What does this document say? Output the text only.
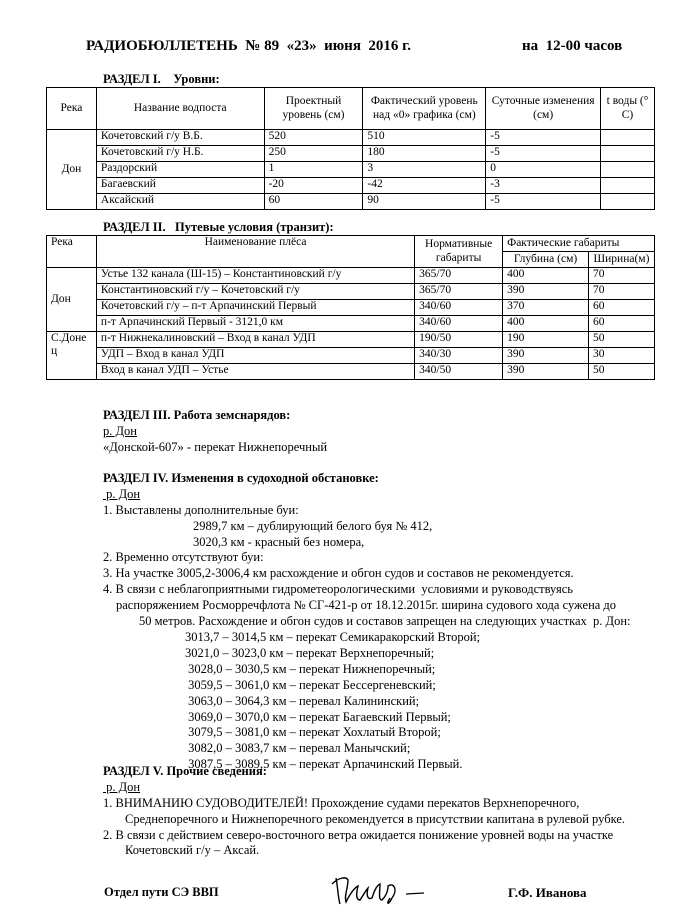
РАДИОБЮЛЛЕТЕНЬ  № 89  «23»  июня  2016 г.	на  12-00 часов
РАЗДЕЛ I.    Уровни:
Река	Название водпоста	Проектный уровень (см)	Фактический уровень над «0» графика (см)	Суточные изменения (см)	t воды (° С)
Дон	Кочетовский г/у В.Б.	520	510	-5	
	Кочетовский г/у Н.Б.	250	180	-5	
	Раздорский	1	3	0	
	Багаевский	-20	-42	-3	
	Аксайский	60	90	-5	
РАЗДЕЛ II.   Путевые условия (транзит):
Река	Наименование плёса	Нормативные габариты	Фактические габариты	
			Глубина (см)	Ширина(м)
Дон	Устье 132 канала (Ш-15) – Константиновский г/у	365/70	400	70
	Константиновский г/у – Кочетовский г/у	365/70	390	70
	Кочетовский г/у – п-т Арпачинский Первый	340/60	370	60
	п-т Арпачинский Первый - 3121,0 км	340/60	400	60
С.Донец	п-т Нижнекалиновский – Вход в канал УДП	190/50	190	50
	УДП – Вход в канал УДП	340/30	390	30
	Вход в канал УДП – Устье	340/50	390	50

РАЗДЕЛ III. Работа земснарядов:
р. Дон
«Донской-607» - перекат Нижнепоречный

РАЗДЕЛ IV. Изменения в судоходной обстановке:
р. Дон
1. Выставлены дополнительные буи:
2989,7 км – дублирующий белого буя № 412,
3020,3 км - красный без номера,
2. Временно отсутствуют буи:
3. На участке 3005,2-3006,4 км расхождение и обгон судов и составов не рекомендуется.
4. В связи с неблагоприятными гидрометеорологическими  условиями и руководствуясь
распоряжением Росморречфлота № СГ-421-р от 18.12.2015г. ширина судового хода сужена до
50 метров. Расхождение и обгон судов и составов запрещен на следующих участках  р. Дон:
3013,7 – 3014,5 км – перекат Семикаракорский Второй;
3021,0 – 3023,0 км – перекат Верхнепоречный;
3028,0 – 3030,5 км – перекат Нижнепоречный;
3059,5 – 3061,0 км – перекат Бессергеневский;
3063,0 – 3064,3 км – перевал Калининский;
3069,0 – 3070,0 км – перекат Багаевский Первый;
3079,5 – 3081,0 км – перекат Хохлатый Второй;
3082,0 – 3083,7 км – перевал Манычский;
3087,5 – 3089,5 км – перекат Арпачинский Первый.

РАЗДЕЛ V. Прочие сведения:
р. Дон
1. ВНИМАНИЮ СУДОВОДИТЕЛЕЙ! Прохождение судами перекатов Верхнепоречного,
Среднепоречного и Нижнепоречного рекомендуется в присутствии капитана в рулевой рубке.
2. В связи с действием северо-восточного ветра ожидается понижение уровней воды на участке
Кочетовский г/у – Аксай.
Отдел пути СЭ ВВП	Г.Ф. Иванова
